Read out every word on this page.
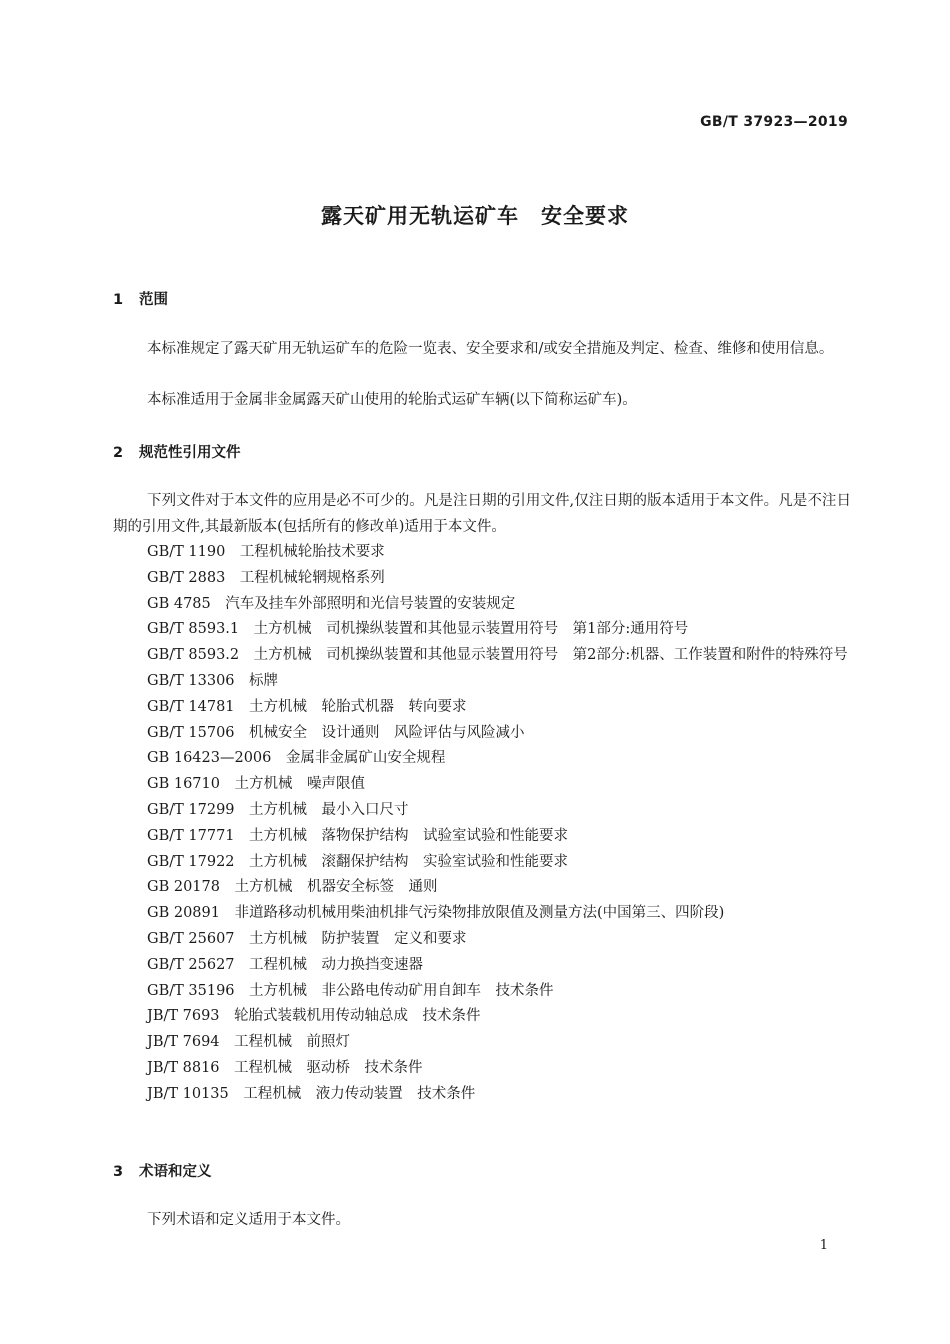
GB/T 37923—2019
露天矿用无轨运矿车　安全要求
1 范围
本标准规定了露天矿用无轨运矿车的危险一览表、安全要求和/或安全措施及判定、检查、维修和使用信息。
本标准适用于金属非金属露天矿山使用的轮胎式运矿车辆(以下简称运矿车)。
2 规范性引用文件
下列文件对于本文件的应用是必不可少的。凡是注日期的引用文件,仅注日期的版本适用于本文件。凡是不注日期的引用文件,其最新版本(包括所有的修改单)适用于本文件。
GB/T 1190　 工程机械轮胎技术要求
GB/T 2883　 工程机械轮辋规格系列
GB 4785　 汽车及挂车外部照明和光信号装置的安装规定
GB/T 8593.1　 土方机械　司机操纵装置和其他显示装置用符号　第1部分:通用符号
GB/T 8593.2　 土方机械　司机操纵装置和其他显示装置用符号　第2部分:机器、工作装置和附件的特殊符号
GB/T 13306　 标牌
GB/T 14781　 土方机械　轮胎式机器　转向要求
GB/T 15706　 机械安全　设计通则　风险评估与风险减小
GB 16423—2006　 金属非金属矿山安全规程
GB 16710　 土方机械　噪声限值
GB/T 17299　 土方机械　最小入口尺寸
GB/T 17771　 土方机械　落物保护结构　试验室试验和性能要求
GB/T 17922　 土方机械　滚翻保护结构　实验室试验和性能要求
GB 20178　 土方机械　机器安全标签　通则
GB 20891　 非道路移动机械用柴油机排气污染物排放限值及测量方法(中国第三、四阶段)
GB/T 25607　 土方机械　防护装置　定义和要求
GB/T 25627　 工程机械　动力换挡变速器
GB/T 35196　 土方机械　非公路电传动矿用自卸车　技术条件
JB/T 7693　 轮胎式装载机用传动轴总成　技术条件
JB/T 7694　 工程机械　前照灯
JB/T 8816　 工程机械　驱动桥　技术条件
JB/T 10135　 工程机械　液力传动装置　技术条件
3 术语和定义
下列术语和定义适用于本文件。
1
